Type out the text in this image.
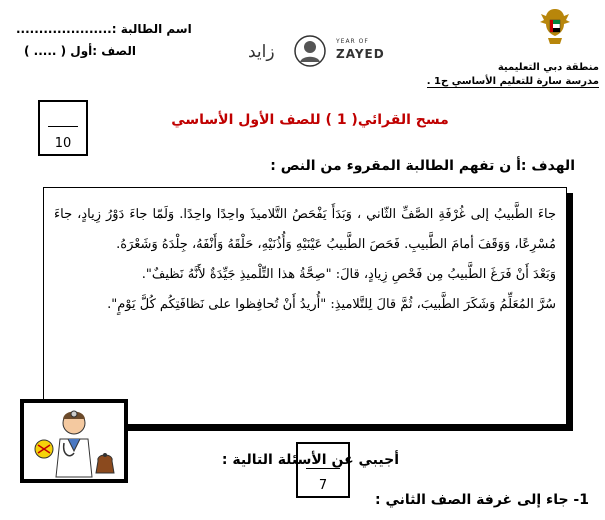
منطقة دبي التعليمية
مدرسة سارة للتعليم الأساسي ح1 .
اسم الطالبة :.....................
الصف :أول ( ..... )	زايد
YEAR OF
ZAYED
10
مسح القرائي( 1 ) للصف الأول الأساسي
الهدف :أ ن تفهم الطالبة المقروء من النص :

جاءَ الطَّبيبُ إلى غُرْفَةِ الصَّفِّ الثّاني ، وَبَدَأَ يَفْحَصُ التَّلاميذَ واحِدًا واحِدًا. وَلَمّا جاءَ دَوْرُ زِيادٍ، جاءَ مُسْرِعًا، وَوَقَفَ أمامَ الطَّبيبِ. فَحَصَ الطَّبيبُ عَيْنَيْهِ وَأُذُنَيْهِ، حَلْقَهُ وَأَنْفَهُ، جِلْدَهُ وَشَعْرَهُ.

وَبَعْدَ أَنْ فَرَغَ الطَّبيبُ مِن فَحْصِ زِيادٍ، قالَ: "صِحَّةُ هذا التِّلْميذِ جَيِّدَةٌ لأَنَّهُ نَظيفٌ".

سُرَّ المُعَلِّمُ وَشَكَرَ الطَّبيبَ، ثُمَّ قالَ لِلتَّلاميذِ: "أُريدُ أَنْ تُحافِظوا على نَظافَتِكُم كُلَّ يَوْمٍ".

أجيبي عن الأسئلة التالية :
7
1- جاء إلى غرفة الصف الثاني :
